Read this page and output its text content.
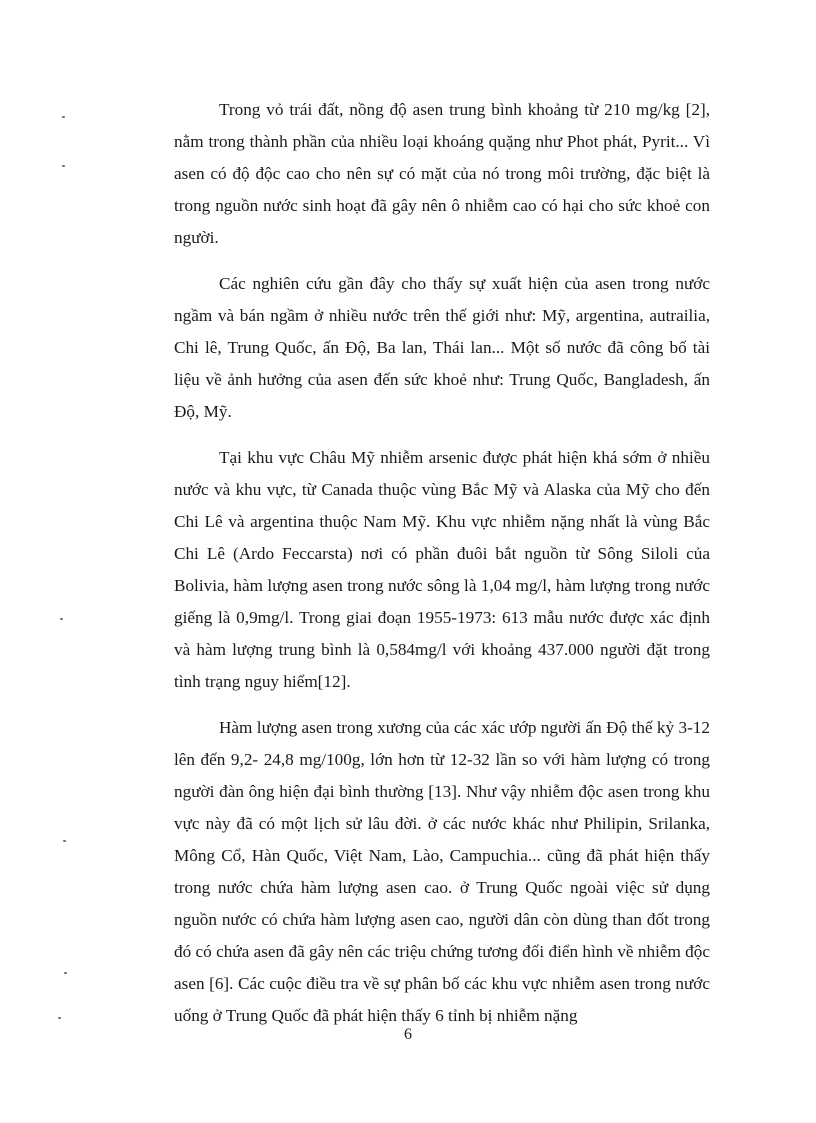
Trong vỏ trái đất, nồng độ asen trung bình khoảng từ 210 mg/kg [2], nằm trong thành phần của nhiều loại khoáng quặng như Phot phát, Pyrit... Vì asen có độ độc cao cho nên sự có mặt của nó trong môi trường, đặc biệt là trong nguồn nước sinh hoạt đã gây nên ô nhiễm cao có hại cho sức khoẻ con người.

Các nghiên cứu gần đây cho thấy sự xuất hiện của asen trong nước ngầm và bán ngầm ở nhiều nước trên thế giới như: Mỹ, argentina, autrailia, Chi lê, Trung Quốc, ấn Độ, Ba lan, Thái lan... Một số nước đã công bố tài liệu về ảnh hưởng của asen đến sức khoẻ như: Trung Quốc, Bangladesh, ấn Độ, Mỹ.

Tại khu vực Châu Mỹ nhiễm arsenic được phát hiện khá sớm ở nhiều nước và khu vực, từ Canada thuộc vùng Bắc Mỹ và Alaska của Mỹ cho đến Chi Lê và argentina thuộc Nam Mỹ. Khu vực nhiễm nặng nhất là vùng Bắc Chi Lê (Ardo Feccarsta) nơi có phần đuôi bắt nguồn từ Sông Siloli của Bolivia, hàm lượng asen trong nước sông là 1,04 mg/l, hàm lượng trong nước giếng là 0,9mg/l. Trong giai đoạn 1955-1973: 613 mẫu nước được xác định và hàm lượng trung bình là 0,584mg/l với khoảng 437.000 người đặt trong tình trạng nguy hiểm[12].

Hàm lượng asen trong xương của các xác ướp người ấn Độ thế kỷ 3-12 lên đến 9,2- 24,8 mg/100g, lớn hơn từ 12-32 lần so với hàm lượng có trong người đàn ông hiện đại bình thường [13]. Như vậy nhiễm độc asen trong khu vực này đã có một lịch sử lâu đời. ở các nước khác như Philipin, Srilanka, Mông Cổ, Hàn Quốc, Việt Nam, Lào, Campuchia... cũng đã phát hiện thấy trong nước chứa hàm lượng asen cao. ở Trung Quốc ngoài việc sử dụng nguồn nước có chứa hàm lượng asen cao, người dân còn dùng than đốt trong đó có chứa asen đã gây nên các triệu chứng tương đối điển hình về nhiễm độc asen [6]. Các cuộc điều tra về sự phân bố các khu vực nhiễm asen trong nước uống ở Trung Quốc đã phát hiện thấy 6 tỉnh bị nhiễm nặng

6
